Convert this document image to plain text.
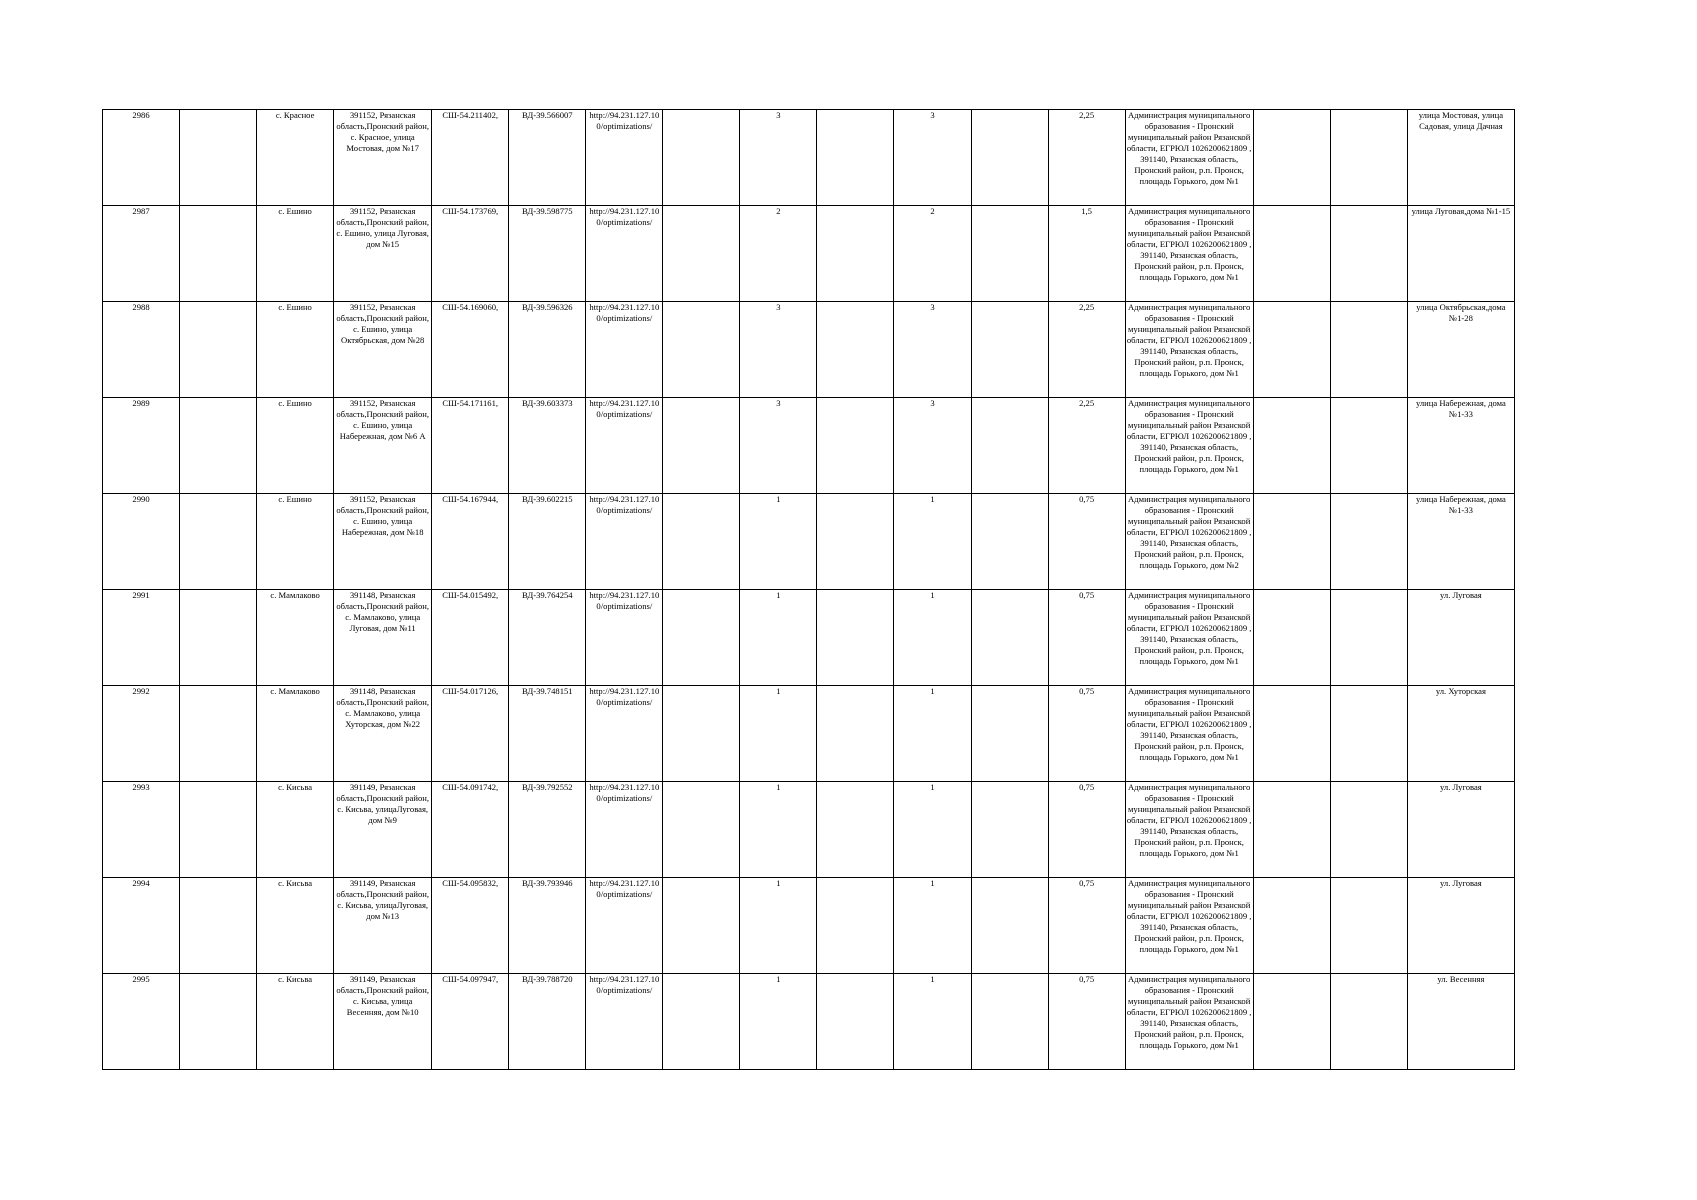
2986		с. Красное	391152, Рязанская область,Пронский район, с. Красное, улица Мостовая, дом №17	СШ-54.211402,	ВД-39.566007	http://94.231.127.10 0/optimizations/		3		3		2,25	Администрация муниципального образования - Пронский муниципальный район Рязанской области, ЕГРЮЛ 1026200621809 , 391140, Рязанская область, Пронский район, р.п. Пронск, площадь Горького, дом №1			улица Мостовая, улица Садовая, улица Дачная
2987		с. Ешино	391152, Рязанская область,Пронский район, с. Ешино, улица Луговая, дом №15	СШ-54.173769,	ВД-39.598775	http://94.231.127.10 0/optimizations/		2		2		1,5	Администрация муниципального образования - Пронский муниципальный район Рязанской области, ЕГРЮЛ 1026200621809 , 391140, Рязанская область, Пронский район, р.п. Пронск, площадь Горького, дом №1			улица Луговая,дома №1-15
2988		с. Ешино	391152, Рязанская область,Пронский район, с. Ешино, улица Октябрьская, дом №28	СШ-54.169060,	ВД-39.596326	http://94.231.127.10 0/optimizations/		3		3		2,25	Администрация муниципального образования - Пронский муниципальный район Рязанской области, ЕГРЮЛ 1026200621809 , 391140, Рязанская область, Пронский район, р.п. Пронск, площадь Горького, дом №1			улица Октябрьская,дома №1-28
2989		с. Ешино	391152, Рязанская область,Пронский район, с. Ешино, улица Набережная, дом №6 А	СШ-54.171161,	ВД-39.603373	http://94.231.127.10 0/optimizations/		3		3		2,25	Администрация муниципального образования - Пронский муниципальный район Рязанской области, ЕГРЮЛ 1026200621809 , 391140, Рязанская область, Пронский район, р.п. Пронск, площадь Горького, дом №1			улица Набережная, дома №1-33
2990		с. Ешино	391152, Рязанская область,Пронский район, с. Ешино, улица Набережная, дом №18	СШ-54.167944,	ВД-39.602215	http://94.231.127.10 0/optimizations/		1		1		0,75	Администрация муниципального образования - Пронский муниципальный район Рязанской области, ЕГРЮЛ 1026200621809 , 391140, Рязанская область, Пронский район, р.п. Пронск, площадь Горького, дом №2			улица Набережная, дома №1-33
2991		с. Мамлаково	391148, Рязанская область,Пронский район, с. Мамлаково, улица Луговая, дом №11	СШ-54.015492,	ВД-39.764254	http://94.231.127.10 0/optimizations/		1		1		0,75	Администрация муниципального образования - Пронский муниципальный район Рязанской области, ЕГРЮЛ 1026200621809 , 391140, Рязанская область, Пронский район, р.п. Пронск, площадь Горького, дом №1			ул. Луговая
2992		с. Мамлаково	391148, Рязанская область,Пронский район, с. Мамлаково, улица Хуторская, дом №22	СШ-54.017126,	ВД-39.748151	http://94.231.127.10 0/optimizations/		1		1		0,75	Администрация муниципального образования - Пронский муниципальный район Рязанской области, ЕГРЮЛ 1026200621809 , 391140, Рязанская область, Пронский район, р.п. Пронск, площадь Горького, дом №1			ул. Хуторская
2993		с. Кисьва	391149, Рязанская область,Пронский район, с. Кисьва, улицаЛуговая, дом №9	СШ-54.091742,	ВД-39.792552	http://94.231.127.10 0/optimizations/		1		1		0,75	Администрация муниципального образования - Пронский муниципальный район Рязанской области, ЕГРЮЛ 1026200621809 , 391140, Рязанская область, Пронский район, р.п. Пронск, площадь Горького, дом №1			ул. Луговая
2994		с. Кисьва	391149, Рязанская область,Пронский район, с. Кисьва, улицаЛуговая, дом №13	СШ-54.095832,	ВД-39.793946	http://94.231.127.10 0/optimizations/		1		1		0,75	Администрация муниципального образования - Пронский муниципальный район Рязанской области, ЕГРЮЛ 1026200621809 , 391140, Рязанская область, Пронский район, р.п. Пронск, площадь Горького, дом №1			ул. Луговая
2995		с. Кисьва	391149, Рязанская область,Пронский район, с. Кисьва, улица Весенняя, дом №10	СШ-54.097947,	ВД-39.788720	http://94.231.127.10 0/optimizations/		1		1		0,75	Администрация муниципального образования - Пронский муниципальный район Рязанской области, ЕГРЮЛ 1026200621809 , 391140, Рязанская область, Пронский район, р.п. Пронск, площадь Горького, дом №1			ул. Весенняя
